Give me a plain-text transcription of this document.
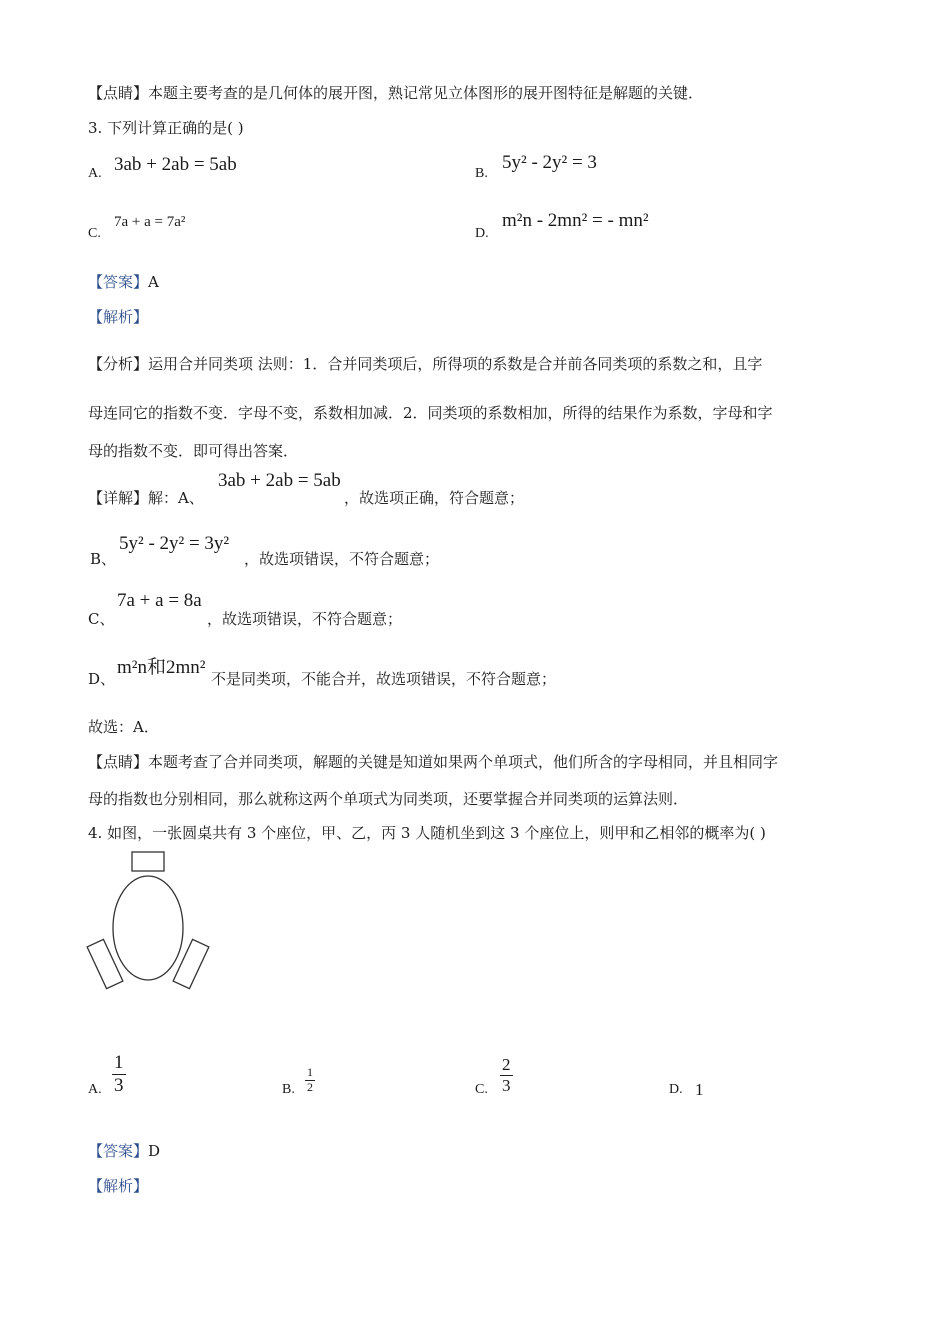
【点睛】本题主要考查的是几何体的展开图，熟记常见立体图形的展开图特征是解题的关键．
3. 下列计算正确的是( )
A. 3ab + 2ab = 5ab	B.
5y² - 2y² = 3
C.
7a + a = 7a²
D.
m²n - 2mn² = - mn²
【答案】A
【解析】
【分析】运用合并同类项 法则：1．合并同类项后，所得项的系数是合并前各同类项的系数之和，且字
母连同它的指数不变．字母不变，系数相加减．2．同类项的系数相加，所得的结果作为系数，字母和字
母的指数不变．即可得出答案．
【详解】解：A、
3ab + 2ab = 5ab
，故选项正确，符合题意；
B、
5y² - 2y² = 3y²
，故选项错误，不符合题意；
C、
7a + a = 8a
，故选项错误，不符合题意；
D、
m²n和2mn²
不是同类项，不能合并，故选项错误，不符合题意；
故选：A．
【点睛】本题考查了合并同类项，解题的关键是知道如果两个单项式，他们所含的字母相同，并且相同字
母的指数也分别相同，那么就称这两个单项式为同类项，还要掌握合并同类项的运算法则．
4. 如图，一张圆桌共有 3 个座位，甲、乙，丙 3 人随机坐到这 3 个座位上，则甲和乙相邻的概率为( )
A. $\frac{1}{3}$	B. $\frac{1}{2}$	C. $\frac{2}{3}$	D. 1
【答案】D
【解析】
